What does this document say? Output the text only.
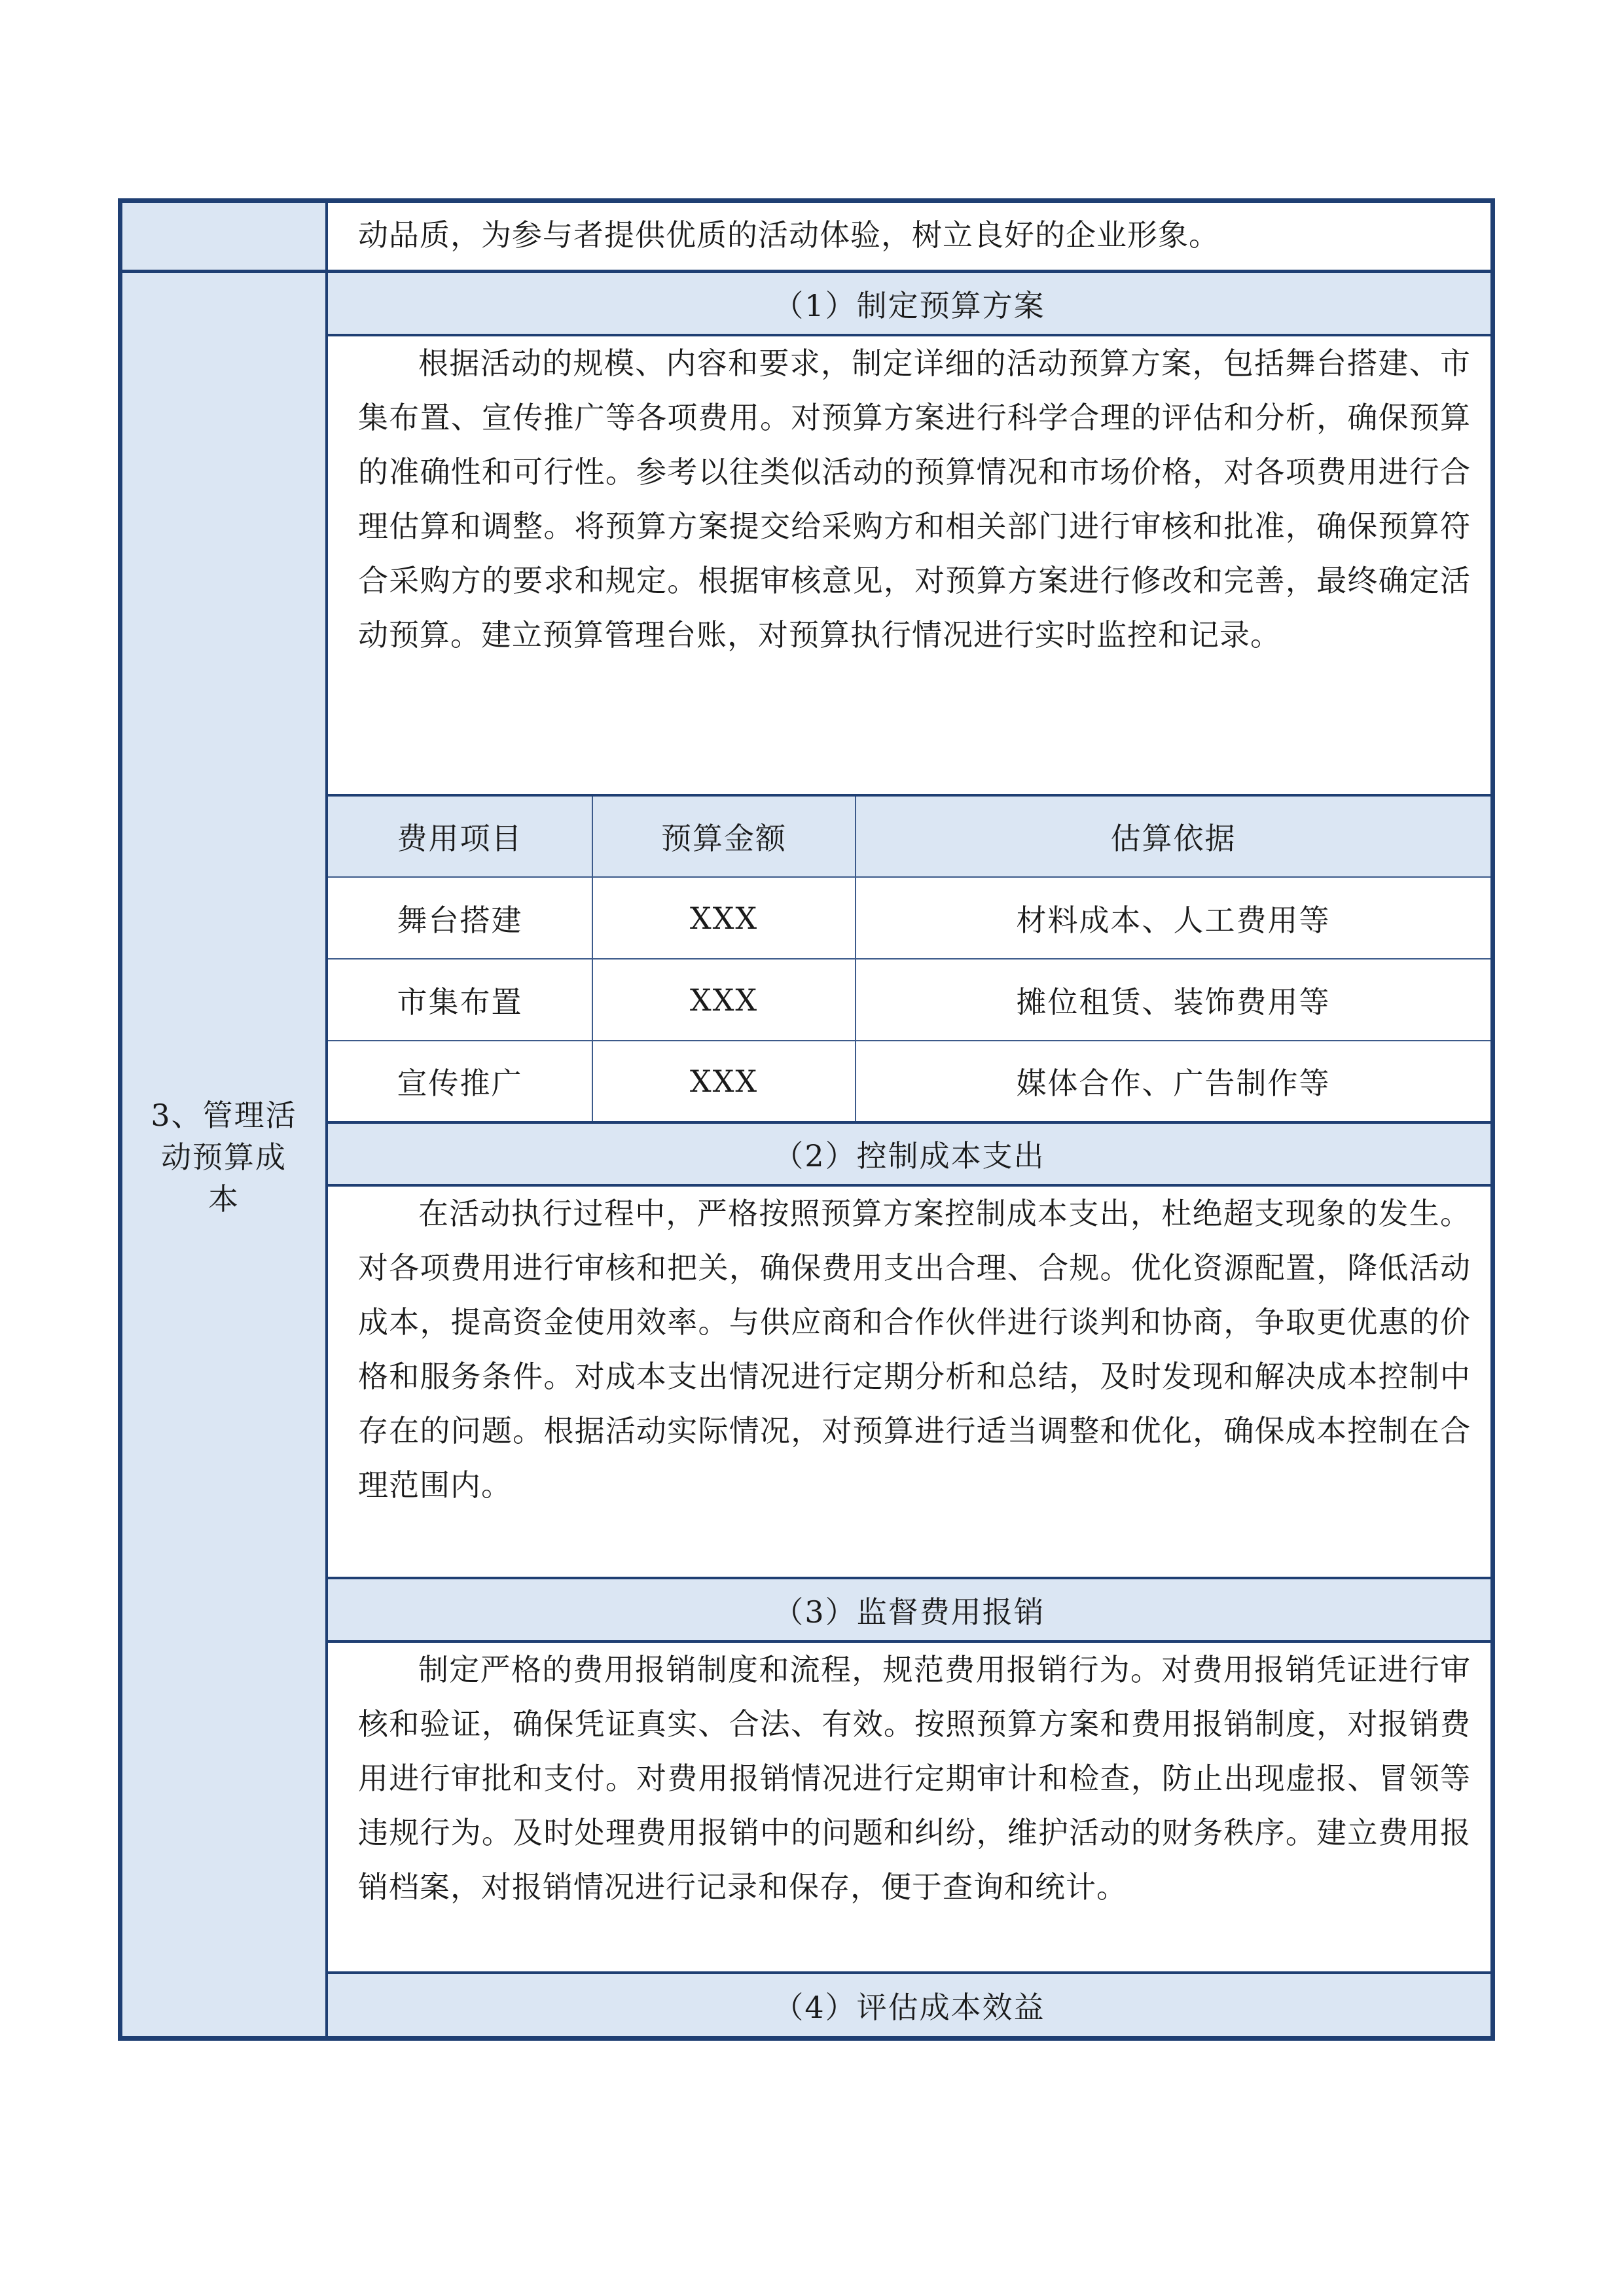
动品质，为参与者提供优质的活动体验，树立良好的企业形象。
3、管理活
动预算成
本
（1）制定预算方案
根据活动的规模、内容和要求，制定详细的活动预算方案，包括舞台搭建、市集布置、宣传推广等各项费用。对预算方案进行科学合理的评估和分析，确保预算的准确性和可行性。参考以往类似活动的预算情况和市场价格，对各项费用进行合理估算和调整。将预算方案提交给采购方和相关部门进行审核和批准，确保预算符合采购方的要求和规定。根据审核意见，对预算方案进行修改和完善，最终确定活动预算。建立预算管理台账，对预算执行情况进行实时监控和记录。
费用项目	预算金额	估算依据
舞台搭建	XXX	材料成本、人工费用等
市集布置	XXX	摊位租赁、装饰费用等
宣传推广	XXX	媒体合作、广告制作等
（2）控制成本支出
在活动执行过程中，严格按照预算方案控制成本支出，杜绝超支现象的发生。对各项费用进行审核和把关，确保费用支出合理、合规。优化资源配置，降低活动成本，提高资金使用效率。与供应商和合作伙伴进行谈判和协商，争取更优惠的价格和服务条件。对成本支出情况进行定期分析和总结，及时发现和解决成本控制中存在的问题。根据活动实际情况，对预算进行适当调整和优化，确保成本控制在合理范围内。
（3）监督费用报销
制定严格的费用报销制度和流程，规范费用报销行为。对费用报销凭证进行审核和验证，确保凭证真实、合法、有效。按照预算方案和费用报销制度，对报销费用进行审批和支付。对费用报销情况进行定期审计和检查，防止出现虚报、冒领等违规行为。及时处理费用报销中的问题和纠纷，维护活动的财务秩序。建立费用报销档案，对报销情况进行记录和保存，便于查询和统计。
（4）评估成本效益
